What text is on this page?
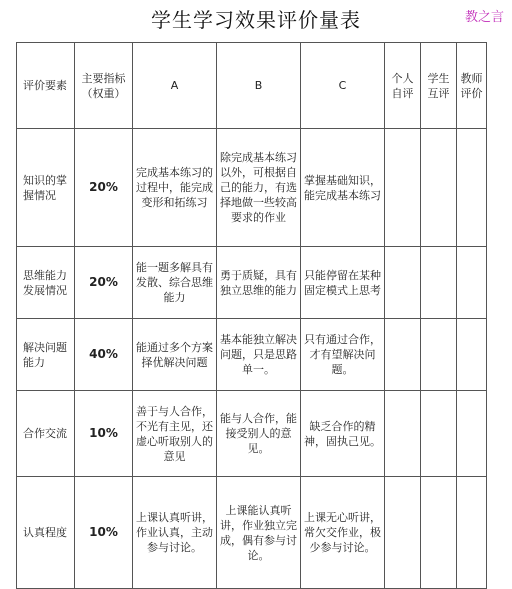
学生学习效果评价量表	教之言
评价要素	主要指标（权重）	A	B	C	个人自评	学生互评	教师评价
知识的掌握情况	20%	完成基本练习的过程中，能完成变形和拓练习	除完成基本练习以外，可根据自己的能力，有选择地做一些较高要求的作业	掌握基础知识，能完成基本练习			
思维能力发展情况	20%	能一题多解具有发散、综合思维能力	勇于质疑，具有独立思维的能力	只能停留在某种固定模式上思考			
解决问题能力	40%	能通过多个方案择优解决问题	基本能独立解决问题，只是思路单一。	只有通过合作，才有望解决问题。			
合作交流	10%	善于与人合作，不光有主见，还虚心听取别人的意见	能与人合作，能接受别人的意见。	缺乏合作的精神，固执己见。			
认真程度	10%	上课认真听讲，作业认真，主动参与讨论。	上课能认真听讲，作业独立完成，偶有参与讨论。	上课无心听讲，常欠交作业，极少参与讨论。			
